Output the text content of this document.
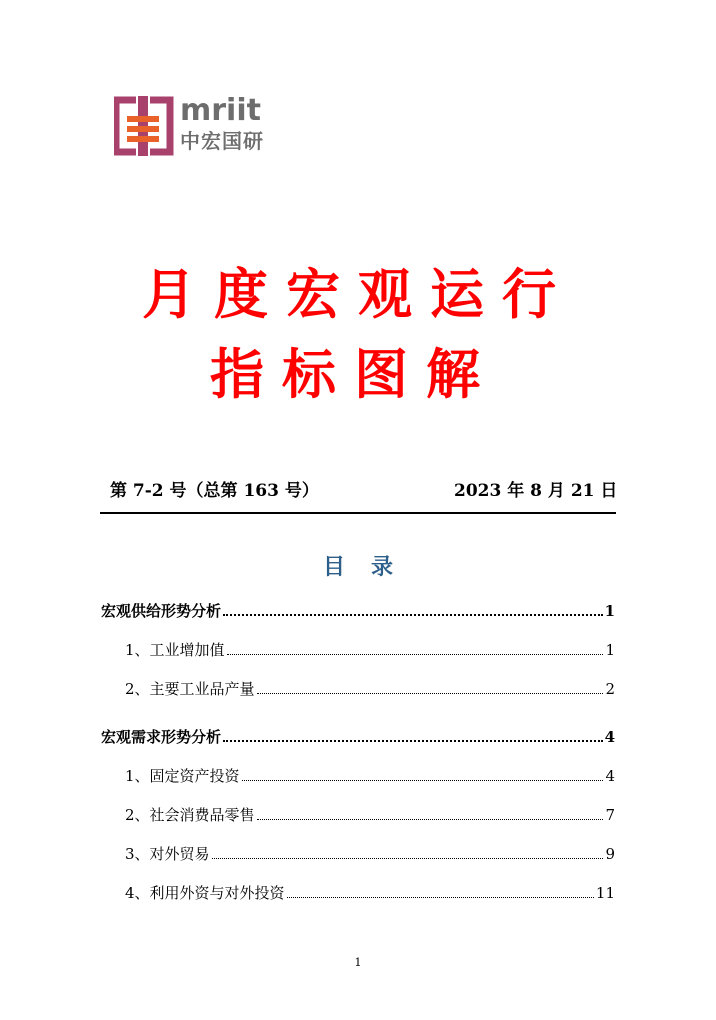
mriit
中宏国研
月度宏观运行
指标图解
第 7-2 号（总第 163 号）	2023 年 8 月 21 日
目录
宏观供给形势分析	1
1、工业增加值	1
2、主要工业品产量	2
宏观需求形势分析	4
1、固定资产投资	4
2、社会消费品零售	7
3、对外贸易	9
4、利用外资与对外投资	11
1
